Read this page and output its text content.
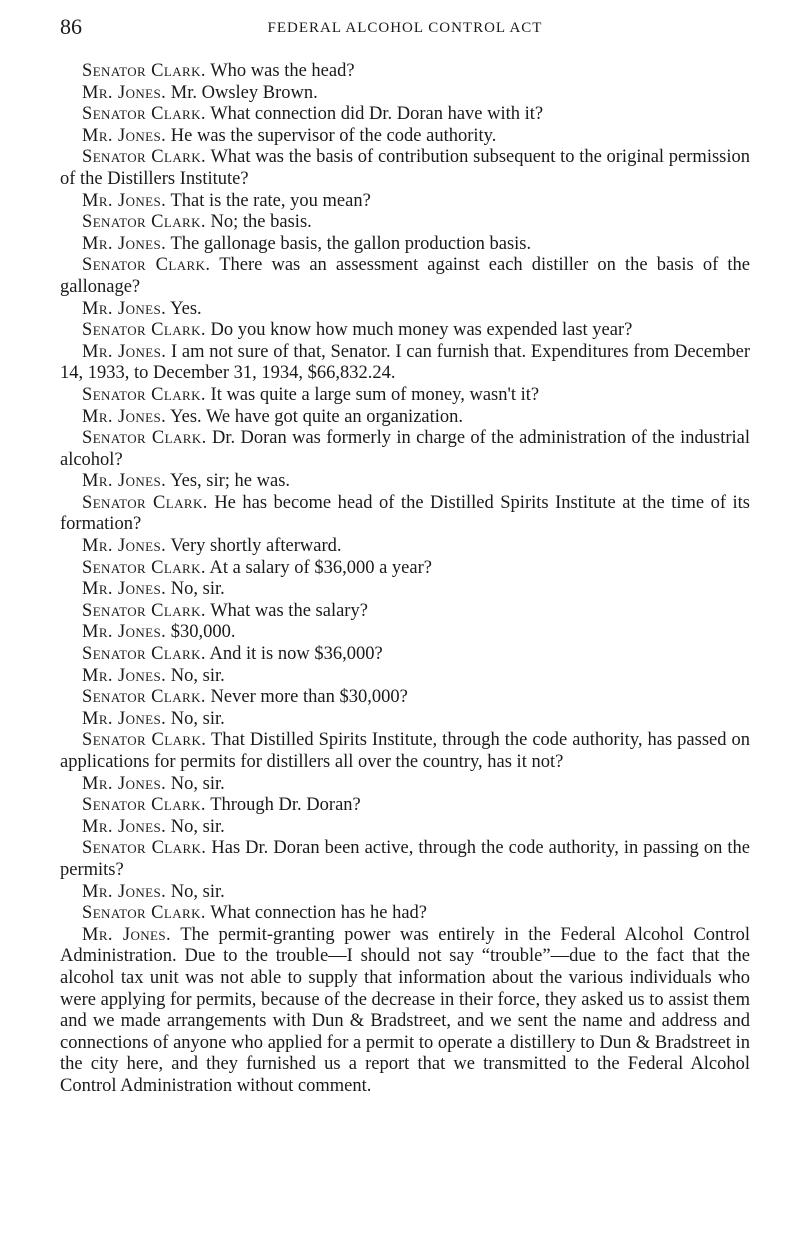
86	FEDERAL ALCOHOL CONTROL ACT

Senator Clark. Who was the head?

Mr. Jones. Mr. Owsley Brown.

Senator Clark. What connection did Dr. Doran have with it?

Mr. Jones. He was the supervisor of the code authority.

Senator Clark. What was the basis of contribution subsequent to the original permission of the Distillers Institute?

Mr. Jones. That is the rate, you mean?

Senator Clark. No; the basis.

Mr. Jones. The gallonage basis, the gallon production basis.

Senator Clark. There was an assessment against each distiller on the basis of the gallonage?

Mr. Jones. Yes.

Senator Clark. Do you know how much money was expended last year?

Mr. Jones. I am not sure of that, Senator. I can furnish that. Expenditures from December 14, 1933, to December 31, 1934, $66,832.24.

Senator Clark. It was quite a large sum of money, wasn't it?

Mr. Jones. Yes. We have got quite an organization.

Senator Clark. Dr. Doran was formerly in charge of the administration of the industrial alcohol?

Mr. Jones. Yes, sir; he was.

Senator Clark. He has become head of the Distilled Spirits Institute at the time of its formation?

Mr. Jones. Very shortly afterward.

Senator Clark. At a salary of $36,000 a year?

Mr. Jones. No, sir.

Senator Clark. What was the salary?

Mr. Jones. $30,000.

Senator Clark. And it is now $36,000?

Mr. Jones. No, sir.

Senator Clark. Never more than $30,000?

Mr. Jones. No, sir.

Senator Clark. That Distilled Spirits Institute, through the code authority, has passed on applications for permits for distillers all over the country, has it not?

Mr. Jones. No, sir.

Senator Clark. Through Dr. Doran?

Mr. Jones. No, sir.

Senator Clark. Has Dr. Doran been active, through the code authority, in passing on the permits?

Mr. Jones. No, sir.

Senator Clark. What connection has he had?

Mr. Jones. The permit-granting power was entirely in the Federal Alcohol Control Administration. Due to the trouble—I should not say “trouble”—due to the fact that the alcohol tax unit was not able to supply that information about the various individuals who were applying for permits, because of the decrease in their force, they asked us to assist them and we made arrangements with Dun & Bradstreet, and we sent the name and address and connections of anyone who applied for a permit to operate a distillery to Dun & Bradstreet in the city here, and they furnished us a report that we transmitted to the Federal Alcohol Control Administration without comment.
